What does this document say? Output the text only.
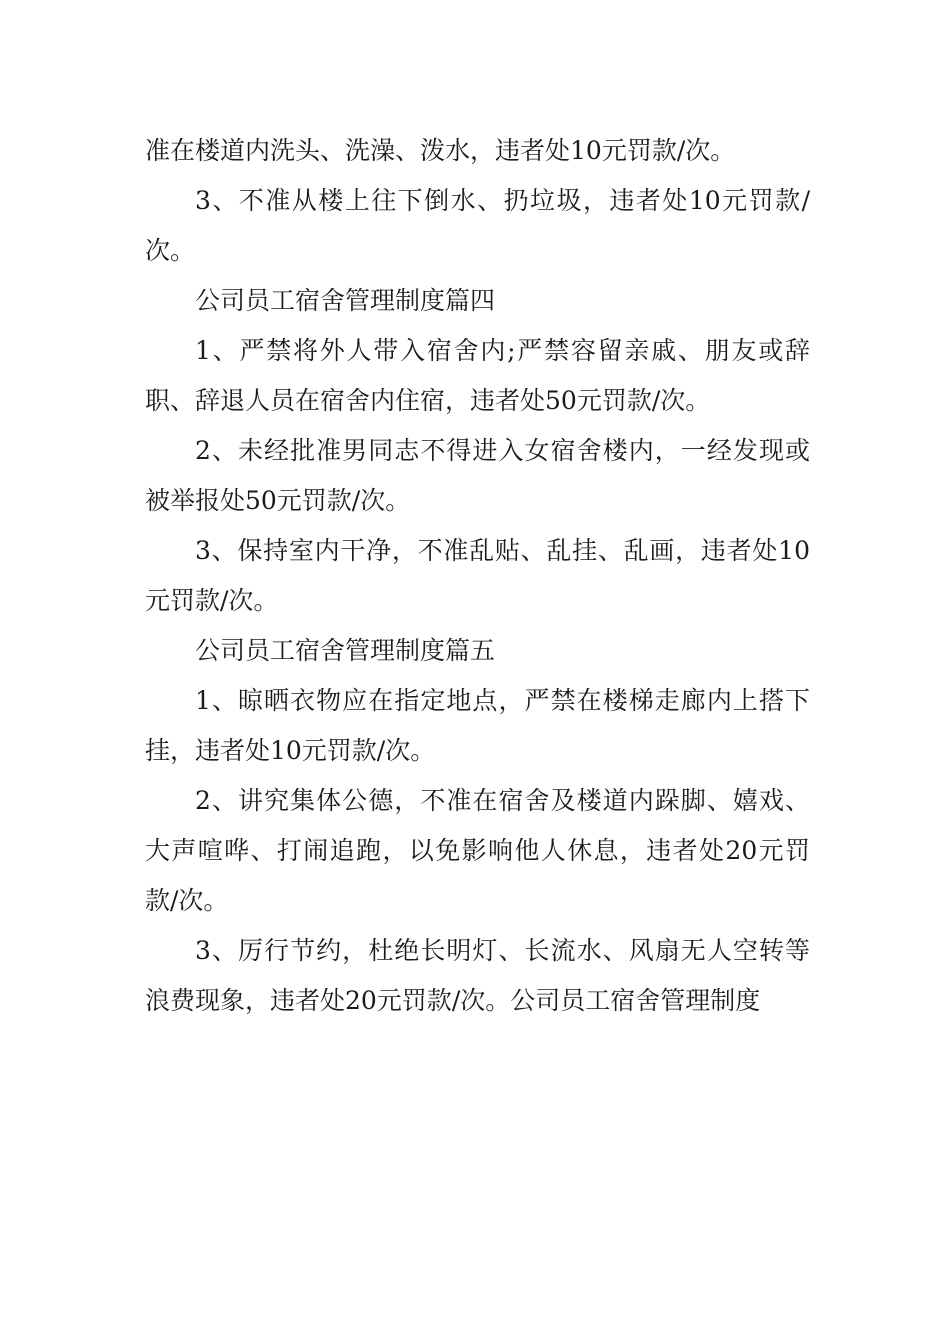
准在楼道内洗头、洗澡、泼水，违者处10元罚款/次。

3、不准从楼上往下倒水、扔垃圾，违者处10元罚款/次。

公司员工宿舍管理制度篇四

1、严禁将外人带入宿舍内;严禁容留亲戚、朋友或辞职、辞退人员在宿舍内住宿，违者处50元罚款/次。

2、未经批准男同志不得进入女宿舍楼内，一经发现或被举报处50元罚款/次。

3、保持室内干净，不准乱贴、乱挂、乱画，违者处10元罚款/次。

公司员工宿舍管理制度篇五

1、晾晒衣物应在指定地点，严禁在楼梯走廊内上搭下挂，违者处10元罚款/次。

2、讲究集体公德，不准在宿舍及楼道内跺脚、嬉戏、大声喧哗、打闹追跑，以免影响他人休息，违者处20元罚款/次。

3、厉行节约，杜绝长明灯、长流水、风扇无人空转等浪费现象，违者处20元罚款/次。公司员工宿舍管理制度
